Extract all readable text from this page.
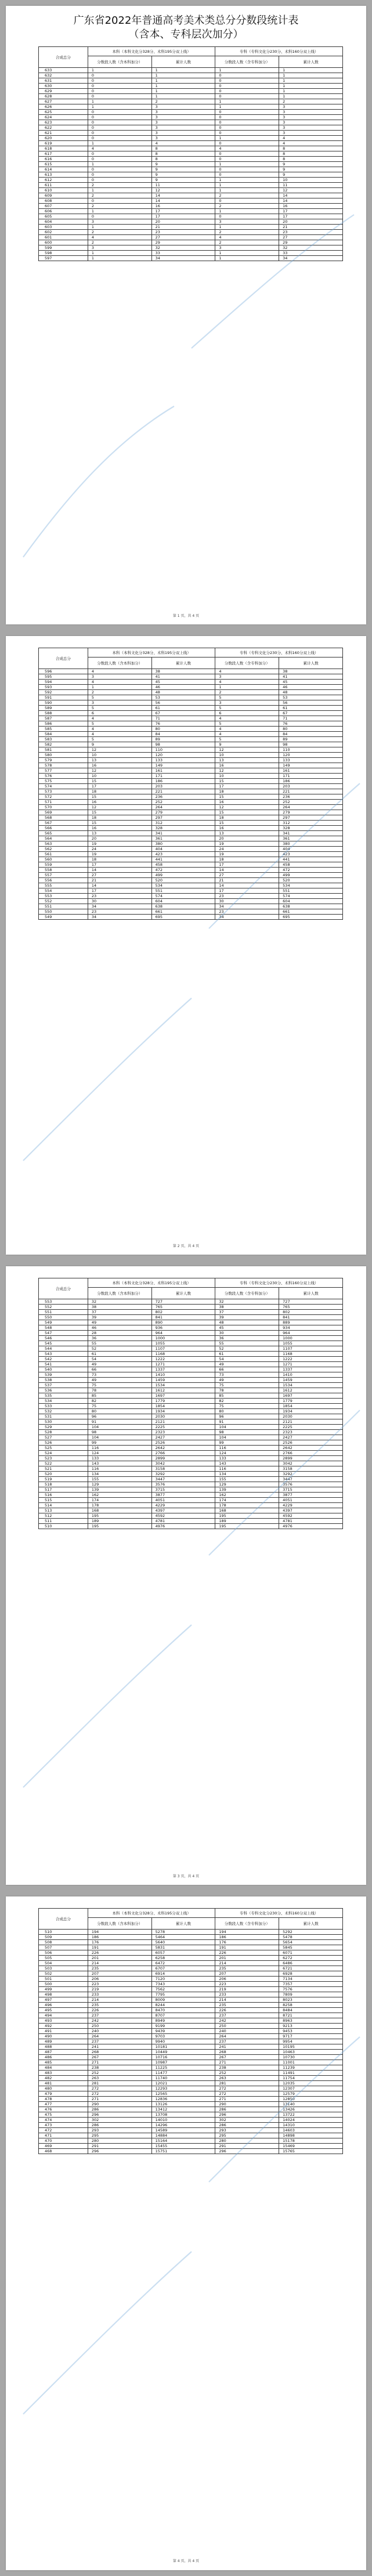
广东省2022年普通高考美术类总分分数段统计表
（含本、专科层次加分）
合成总分	本科（本科文化分328分、术科195分双上线）		专科（专科文化分230分、术科160分双上线）	
	分数段人数（含本科加分）	累计人数	分数段人数（含专科加分）	累计人数
633	1	1	1	1
632	0	1	0	1
631	0	1	0	1
630	0	1	0	1
629	0	1	0	1
628	0	1	0	1
627	1	2	1	2
626	1	3	1	3
625	0	3	0	3
624	0	3	0	3
623	0	3	0	3
622	0	3	0	3
621	0	3	0	3
620	0	3	1	4
619	1	4	0	4
618	4	8	4	8
617	0	8	0	8
616	0	8	0	8
615	1	9	1	9
614	0	9	0	9
613	0	9	0	9
612	0	9	1	10
611	2	11	1	11
610	1	12	1	12
609	2	14	2	14
608	0	14	0	14
607	2	16	2	16
606	1	17	1	17
605	0	17	0	17
604	3	20	3	20
603	1	21	1	21
602	2	23	2	23
601	4	27	4	27
600	2	29	2	29
599	3	32	3	32
598	1	33	1	33
597	1	34	1	34
第 1 页，共 4 页
合成总分	本科（本科文化分328分、术科195分双上线）		专科（专科文化分230分、术科160分双上线）	
	分数段人数（含本科加分）	累计人数	分数段人数（含专科加分）	累计人数
596	4	38	4	38
595	3	41	3	41
594	4	45	4	45
593	1	46	1	46
592	2	48	2	48
591	5	53	5	53
590	3	56	3	56
589	5	61	5	61
588	6	67	6	67
587	4	71	4	71
586	5	76	5	76
585	4	80	4	80
584	4	84	4	84
583	5	89	5	89
582	9	98	9	98
581	12	110	12	110
580	10	120	10	120
579	13	133	13	133
578	16	149	16	149
577	12	161	12	161
576	10	171	10	171
575	15	186	15	186
574	17	203	17	203
573	18	221	18	221
572	15	236	15	236
571	16	252	16	252
570	12	264	12	264
569	15	279	15	279
568	18	297	18	297
567	15	312	15	312
566	16	328	16	328
565	13	341	13	341
564	20	361	20	361
563	19	380	19	380
562	24	404	24	404
561	19	423	19	423
560	18	441	18	441
559	17	458	17	458
558	14	472	14	472
557	27	499	27	499
556	21	520	21	520
555	14	534	14	534
554	17	551	17	551
553	23	574	23	574
552	30	604	30	604
551	34	638	34	638
550	23	661	23	661
549	34	695	34	695
第 2 页，共 4 页
合成总分	本科（本科文化分328分、术科195分双上线）		专科（专科文化分230分、术科160分双上线）	
	分数段人数（含本科加分）	累计人数	分数段人数（含专科加分）	累计人数
553	32	727	32	727
552	38	765	38	765
551	37	802	37	802
550	39	841	39	841
549	49	890	48	889
548	46	936	45	934
547	28	964	30	964
546	36	1000	36	1000
545	55	1055	55	1055
544	52	1107	52	1107
543	61	1168	61	1168
542	54	1222	54	1222
541	49	1271	49	1271
540	66	1337	66	1337
539	73	1410	73	1410
538	49	1459	49	1459
537	75	1534	75	1534
536	78	1612	78	1612
535	85	1697	85	1697
534	82	1779	82	1779
533	75	1854	75	1854
532	80	1934	80	1934
531	96	2030	96	2030
530	91	2121	91	2121
529	104	2225	104	2225
528	98	2323	98	2323
527	104	2427	104	2427
526	99	2526	99	2526
525	116	2642	116	2642
524	124	2766	124	2766
523	133	2899	133	2899
522	143	3042	143	3042
521	116	3158	116	3158
520	134	3292	134	3292
519	155	3447	155	3447
518	129	3576	129	3576
517	139	3715	139	3715
516	162	3877	162	3877
515	174	4051	174	4051
514	178	4229	178	4229
513	168	4397	168	4397
512	195	4592	195	4592
511	189	4781	189	4781
510	195	4976	195	4976
第 3 页，共 4 页
合成总分	本科（本科文化分328分、术科195分双上线）		专科（专科文化分230分、术科160分双上线）	
	分数段人数（含本科加分）	累计人数	分数段人数（含专科加分）	累计人数
510	194	5278	194	5292
509	186	5464	186	5478
508	176	5640	176	5654
507	191	5831	191	5845
506	226	6057	226	6071
505	201	6258	201	6272
504	214	6472	214	6486
503	235	6707	235	6721
502	207	6914	207	6928
501	206	7120	206	7134
500	223	7343	223	7357
499	219	7562	219	7576
498	233	7795	233	7809
497	214	8009	214	8023
496	235	8244	235	8258
495	226	8470	226	8484
494	237	8707	237	8721
493	242	8949	242	8963
492	250	9199	250	9213
491	240	9439	240	9453
490	264	9703	264	9717
489	237	9940	237	9954
488	241	10181	241	10195
487	268	10449	268	10463
486	267	10716	267	10730
485	271	10987	271	11001
484	238	11225	238	11239
483	252	11477	252	11491
482	263	11740	263	11754
481	281	12021	281	12035
480	272	12293	272	12307
479	272	12565	272	12579
478	271	12836	271	12850
477	290	13126	290	13140
476	286	13412	286	13426
475	296	13708	296	13722
474	302	14010	302	14024
473	286	14296	286	14310
472	293	14589	293	14603
471	295	14884	295	14898
470	280	15164	280	15178
469	291	15455	291	15469
468	296	15751	296	15765
第 4 页，共 4 页
